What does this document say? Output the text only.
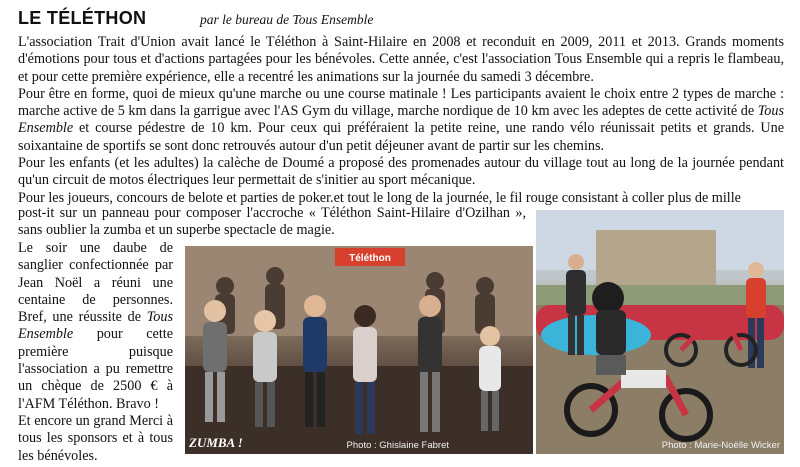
LE TÉLÉTHON	par le bureau de Tous Ensemble

L'association Trait d'Union avait lancé le Téléthon à Saint-Hilaire en 2008 et reconduit en 2009, 2011 et 2013. Grands moments d'émotions pour tous et d'actions partagées pour les bénévoles. Cette année, c'est l'association Tous Ensemble qui a repris le flambeau, et pour cette première expérience, elle a recentré les animations sur la journée du samedi 3 décembre.

Pour être en forme, quoi de mieux qu'une marche ou une course matinale ! Les participants avaient le choix entre 2 types de marche : marche active de 5 km dans la garrigue avec l'AS Gym du village, marche nordique de 10 km avec les adeptes de cette activité de Tous Ensemble et course pédestre de 10 km. Pour ceux qui préféraient la petite reine, une rando vélo réunissait petits et grands. Une soixantaine de sportifs se sont donc retrouvés autour d'un petit déjeuner avant de partir sur les chemins.

Pour les enfants (et les adultes) la calèche de Doumé a proposé des promenades autour du village tout au long de la journée pendant qu'un circuit de motos électriques leur permettait de s'initier au sport mécanique.

Pour les joueurs, concours de belote et parties de poker.et tout le long de la journée, le fil rouge consistant à coller plus de mille

post-it sur un panneau pour composer l'accroche « Téléthon Saint-Hilaire d'Ozilhan », sans oublier la zumba et un superbe spectacle de magie.

Le soir une daube de sanglier confectionnée par Jean Noël a réuni une centaine de personnes. Bref, une réussite de Tous Ensemble pour cette première puisque l'association a pu remettre un chèque de 2500 € à l'AFM Téléthon. Bravo !
Et encore un grand Merci à tous les sponsors et à tous les bénévoles.
Téléthon
ZUMBA !	Photo : Ghislaine Fabret	Photo : Marie-Noëlle Wicker
